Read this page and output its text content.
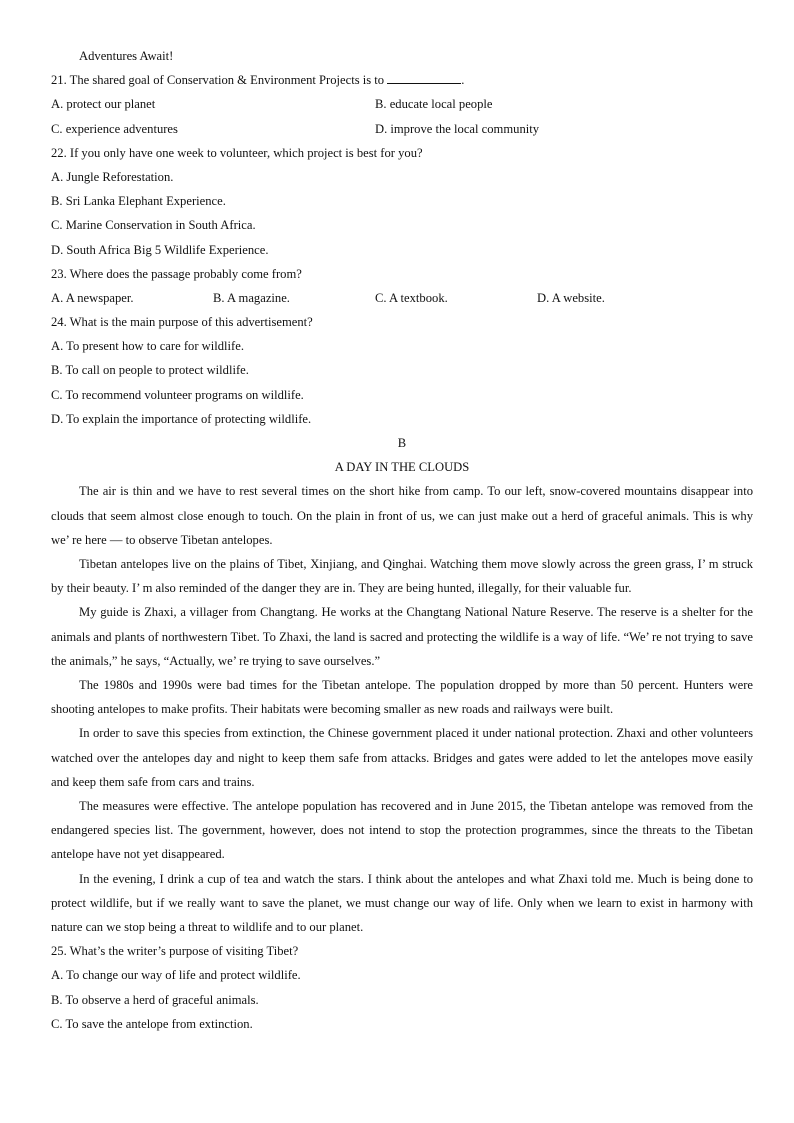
Adventures Await!
21. The shared goal of Conservation & Environment Projects is to	.
A. protect our planet	B. educate local people
C. experience adventures	D. improve the local community
22. If you only have one week to volunteer, which project is best for you?
A. Jungle Reforestation.
B. Sri Lanka Elephant Experience.
C. Marine Conservation in South Africa.
D. South Africa Big 5 Wildlife Experience.
23. Where does the passage probably come from?
A. A newspaper.	B. A magazine.	C. A textbook.	D. A website.
24. What is the main purpose of this advertisement?
A. To present how to care for wildlife.
B. To call on people to protect wildlife.
C. To recommend volunteer programs on wildlife.
D. To explain the importance of protecting wildlife.
B
A DAY IN THE CLOUDS

The air is thin and we have to rest several times on the short hike from camp. To our left, snow-covered mountains disappear into clouds that seem almost close enough to touch. On the plain in front of us, we can just make out a herd of graceful animals. This is why we’ re here — to observe Tibetan antelopes.

Tibetan antelopes live on the plains of Tibet, Xinjiang, and Qinghai. Watching them move slowly across the green grass, I’ m struck by their beauty. I’ m also reminded of the danger they are in. They are being hunted, illegally, for their valuable fur.

My guide is Zhaxi, a villager from Changtang. He works at the Changtang National Nature Reserve. The reserve is a shelter for the animals and plants of northwestern Tibet. To Zhaxi, the land is sacred and protecting the wildlife is a way of life. “We’ re not trying to save the animals,” he says, “Actually, we’ re trying to save ourselves.”

The 1980s and 1990s were bad times for the Tibetan antelope. The population dropped by more than 50 percent. Hunters were shooting antelopes to make profits. Their habitats were becoming smaller as new roads and railways were built.

In order to save this species from extinction, the Chinese government placed it under national protection. Zhaxi and other volunteers watched over the antelopes day and night to keep them safe from attacks. Bridges and gates were added to let the antelopes move easily and keep them safe from cars and trains.

The measures were effective. The antelope population has recovered and in June 2015, the Tibetan antelope was removed from the endangered species list. The government, however, does not intend to stop the protection programmes, since the threats to the Tibetan antelope have not yet disappeared.

In the evening, I drink a cup of tea and watch the stars. I think about the antelopes and what Zhaxi told me. Much is being done to protect wildlife, but if we really want to save the planet, we must change our way of life. Only when we learn to exist in harmony with nature can we stop being a threat to wildlife and to our planet.

25. What’s the writer’s purpose of visiting Tibet?
A. To change our way of life and protect wildlife.
B. To observe a herd of graceful animals.
C. To save the antelope from extinction.
